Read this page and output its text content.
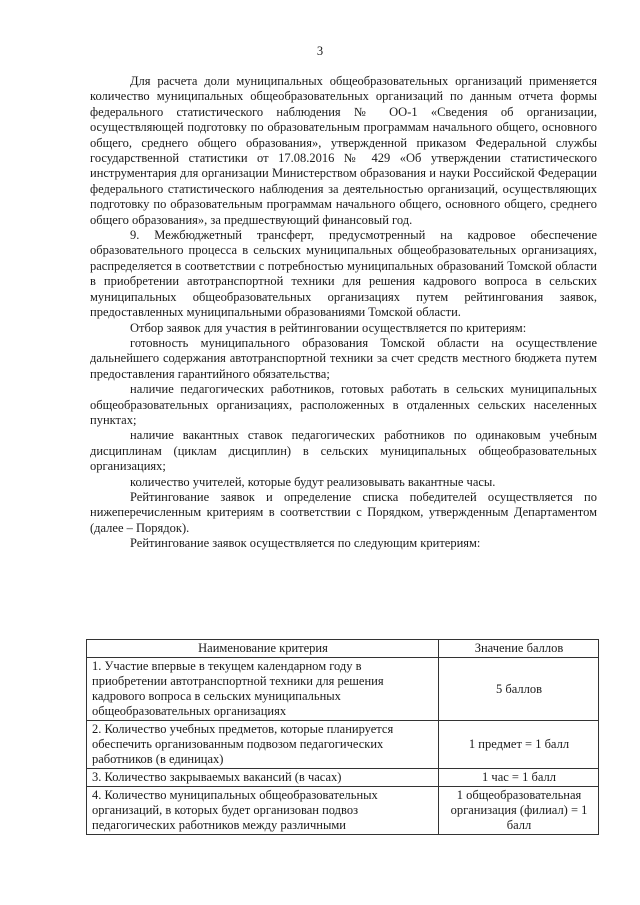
3

Для расчета доли муниципальных общеобразовательных организаций применяется количество муниципальных общеобразовательных организаций по данным отчета формы федерального статистического наблюдения № ОО-1 «Сведения об организации, осуществляющей подготовку по образовательным программам начального общего, основного общего, среднего общего образования», утвержденной приказом Федеральной службы государственной статистики от 17.08.2016 № 429 «Об утверждении статистического инструментария для организации Министерством образования и науки Российской Федерации федерального статистического наблюдения за деятельностью организаций, осуществляющих подготовку по образовательным программам начального общего, основного общего, среднего общего образования», за предшествующий финансовый год.

9. Межбюджетный трансферт, предусмотренный на кадровое обеспечение образовательного процесса в сельских муниципальных общеобразовательных организациях, распределяется в соответствии с потребностью муниципальных образований Томской области в приобретении автотранспортной техники для решения кадрового вопроса в сельских муниципальных общеобразовательных организациях путем рейтингования заявок, предоставленных муниципальными образованиями Томской области.

Отбор заявок для участия в рейтинговании осуществляется по критериям:

готовность муниципального образования Томской области на осуществление дальнейшего содержания автотранспортной техники за счет средств местного бюджета путем предоставления гарантийного обязательства;

наличие педагогических работников, готовых работать в сельских муниципальных общеобразовательных организациях, расположенных в отдаленных сельских населенных пунктах;

наличие вакантных ставок педагогических работников по одинаковым учебным дисциплинам (циклам дисциплин) в сельских муниципальных общеобразовательных организациях;

количество учителей, которые будут реализовывать вакантные часы.

Рейтингование заявок и определение списка победителей осуществляется по нижеперечисленным критериям в соответствии с Порядком, утвержденным Департаментом (далее – Порядок).

Рейтингование заявок осуществляется по следующим критериям:

Наименование критерия	Значение баллов
1. Участие впервые в текущем календарном году в приобретении автотранспортной техники для решения кадрового вопроса в сельских муниципальных общеобразовательных организациях	5 баллов
2. Количество учебных предметов, которые планируется обеспечить организованным подвозом педагогических работников (в единицах)	1 предмет = 1 балл
3. Количество закрываемых вакансий (в часах)	1 час = 1 балл
4. Количество муниципальных общеобразовательных организаций, в которых будет организован подвоз педагогических работников между различными	1 общеобразовательная организация (филиал) = 1 балл
